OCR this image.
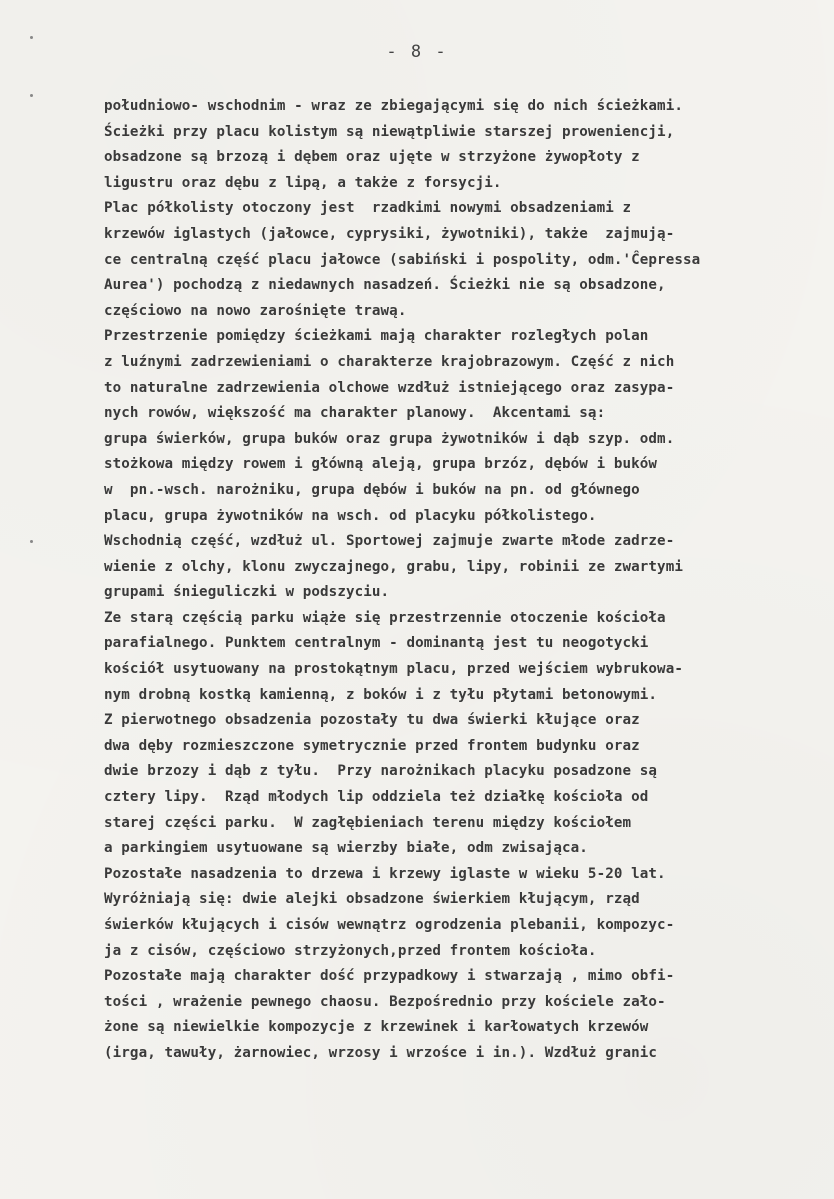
- 8 -
południowo- wschodnim - wraz ze zbiegającymi się do nich ścieżkami.
Ścieżki przy placu kolistym są niewątpliwie starszej proweniencji,
obsadzone są brzozą i dębem oraz ujęte w strzyżone żywopłoty z
ligustru oraz dębu z lipą, a także z forsycji.
Plac półkolisty otoczony jest  rzadkimi nowymi obsadzeniami z
krzewów iglastych (jałowce, cyprysiki, żywotniki), także  zajmują-
ce centralną część placu jałowce (sabiński i pospolity, odm.'Ĉepressa
Aurea') pochodzą z niedawnych nasadzeń. Ścieżki nie są obsadzone,
częściowo na nowo zarośnięte trawą.
Przestrzenie pomiędzy ścieżkami mają charakter rozległych polan
z luźnymi zadrzewieniami o charakterze krajobrazowym. Część z nich
to naturalne zadrzewienia olchowe wzdłuż istniejącego oraz zasypa-
nych rowów, większość ma charakter planowy.  Akcentami są:
grupa świerków, grupa buków oraz grupa żywotników i dąb szyp. odm.
stożkowa między rowem i główną aleją, grupa brzóz, dębów i buków
w  pn.-wsch. narożniku, grupa dębów i buków na pn. od głównego
placu, grupa żywotników na wsch. od placyku półkolistego.
Wschodnią część, wzdłuż ul. Sportowej zajmuje zwarte młode zadrze-
wienie z olchy, klonu zwyczajnego, grabu, lipy, robinii ze zwartymi
grupami śnieguliczki w podszyciu.
Ze starą częścią parku wiąże się przestrzennie otoczenie kościoła
parafialnego. Punktem centralnym - dominantą jest tu neogotycki
kościół usytuowany na prostokątnym placu, przed wejściem wybrukowa-
nym drobną kostką kamienną, z boków i z tyłu płytami betonowymi.
Z pierwotnego obsadzenia pozostały tu dwa świerki kłujące oraz
dwa dęby rozmieszczone symetrycznie przed frontem budynku oraz
dwie brzozy i dąb z tyłu.  Przy narożnikach placyku posadzone są
cztery lipy.  Rząd młodych lip oddziela też działkę kościoła od
starej części parku.  W zagłębieniach terenu między kościołem
a parkingiem usytuowane są wierzby białe, odm zwisająca.
Pozostałe nasadzenia to drzewa i krzewy iglaste w wieku 5-20 lat.
Wyróżniają się: dwie alejki obsadzone świerkiem kłującym, rząd
świerków kłujących i cisów wewnątrz ogrodzenia plebanii, kompozyc-
ja z cisów, częściowo strzyżonych,przed frontem kościoła.
Pozostałe mają charakter dość przypadkowy i stwarzają , mimo obfi-
tości , wrażenie pewnego chaosu. Bezpośrednio przy kościele zało-
żone są niewielkie kompozycje z krzewinek i karłowatych krzewów
(irga, tawuły, żarnowiec, wrzosy i wrzośce i in.). Wzdłuż granic
